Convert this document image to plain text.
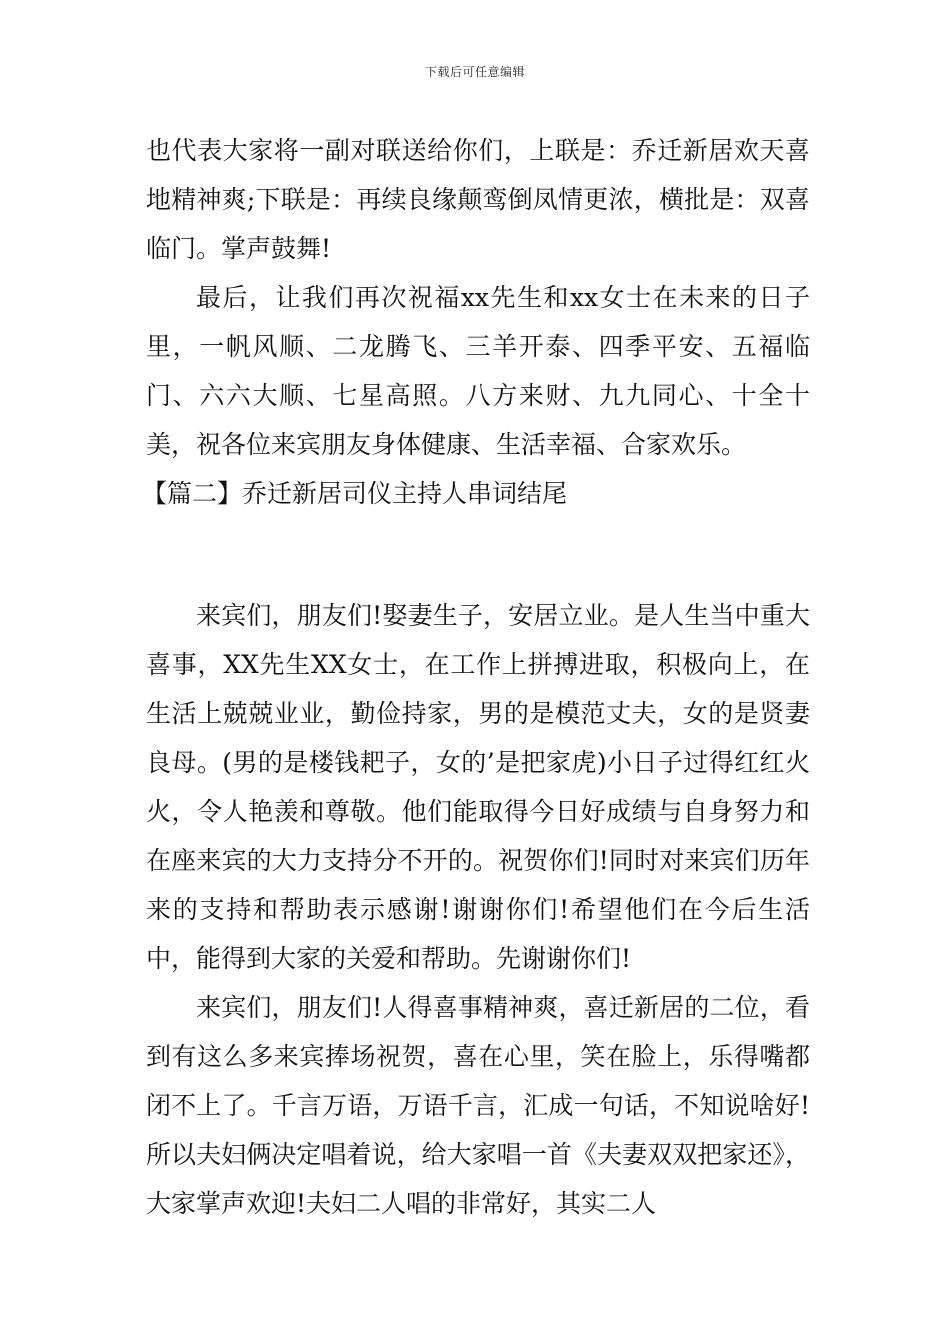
下载后可任意编辑

也代表大家将一副对联送给你们，上联是：乔迁新居欢天喜地精神爽;下联是：再续良缘颠鸾倒凤情更浓，横批是：双喜临门。掌声鼓舞!

最后，让我们再次祝福xx先生和xx女士在未来的日子里，一帆风顺、二龙腾飞、三羊开泰、四季平安、五福临门、六六大顺、七星高照。八方来财、九九同心、十全十美，祝各位来宾朋友身体健康、生活幸福、合家欢乐。

【篇二】乔迁新居司仪主持人串词结尾

来宾们，朋友们!娶妻生子，安居立业。是人生当中重大喜事，XX先生XX女士，在工作上拼搏进取，积极向上，在生活上兢兢业业，勤俭持家，男的是模范丈夫，女的是贤妻良母。(男的是楼钱耙子，女的’是把家虎)小日子过得红红火火，令人艳羡和尊敬。他们能取得今日好成绩与自身努力和在座来宾的大力支持分不开的。祝贺你们!同时对来宾们历年来的支持和帮助表示感谢!谢谢你们!希望他们在今后生活中，能得到大家的关爱和帮助。先谢谢你们!

来宾们，朋友们!人得喜事精神爽，喜迁新居的二位，看到有这么多来宾捧场祝贺，喜在心里，笑在脸上，乐得嘴都闭不上了。千言万语，万语千言，汇成一句话，不知说啥好!所以夫妇俩决定唱着说，给大家唱一首《夫妻双双把家还》，大家掌声欢迎!夫妇二人唱的非常好，其实二人
